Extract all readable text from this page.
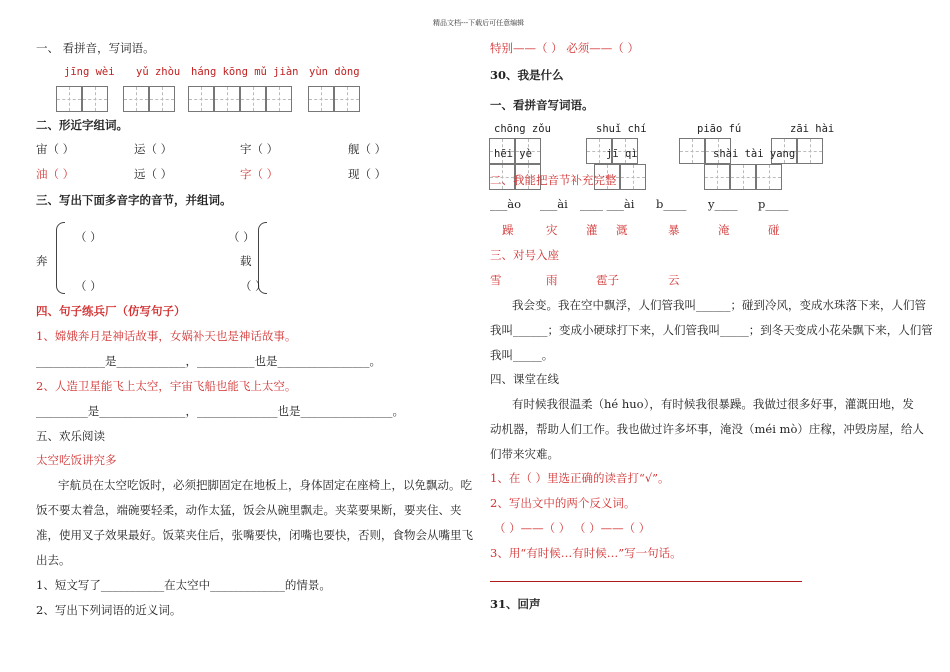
精品文档---下载后可任意编辑
一、 看拼音，写词语。
jīng wèi yǔ zhòu háng kōng mǔ jiàn yùn dòng
二、形近字组词。
宙（ ）	运（ ）	宇（ ）	舰（ ）
油（ ）	远（ ）	字（ ）	现（ ）
三、写出下面多音字的音节，并组词。
奔
（ ）
（ ）
（ ）
载
（ ）
四、句子练兵厂（仿写句子）
1、嫦娥奔月是神话故事，女娲补天也是神话故事。
____________是____________，__________也是________________。
2、人造卫星能飞上太空，宇宙飞船也能飞上太空。
_________是_______________，______________也是________________。
五、欢乐阅读
太空吃饭讲究多
宇航员在太空吃饭时，必须把脚固定在地板上，身体固定在座椅上，以免飘动。吃
饭不要太着急，端碗要轻柔，动作太猛，饭会从碗里飘走。夹菜要果断，要夹住、夹
准，使用叉子效果最好。饭菜夹住后，张嘴要快，闭嘴也要快，否则，食物会从嘴里飞
出去。
1、短文写了___________在太空中_____________的情景。
2、写出下列词语的近义词。
特别——（ ） 必须——（ ）
30、我是什么
一、看拼音写词语。
chōng zǒu	shuǐ chí	piāo fú	zāi hài
hēi yè	jī qì	shài tài yang
二、我能把音节补充完整
___ào ___ài ____ ___ài b____ y____ p____
躁	灾 灌 溉	暴	淹	碰
三、对号入座
雪	雨	雹子	云
我会变。我在空中飘浮，人们管我叫______；碰到冷风，变成水珠落下来，人们管
我叫______；变成小硬球打下来，人们管我叫_____；到冬天变成小花朵飘下来，人们管
我叫_____。
四、课堂在线
有时候我很温柔（hé huo），有时候我很暴躁。我做过很多好事，灌溉田地，发
动机器，帮助人们工作。我也做过许多坏事，淹没（méi mò）庄稼，冲毁房屋，给人
们带来灾难。
1、在（ ）里选正确的读音打“√”。
2、写出文中的两个反义词。
（ ）——（ ） （ ）——（ ）
3、用“有时候…有时候…”写一句话。
31、回声
